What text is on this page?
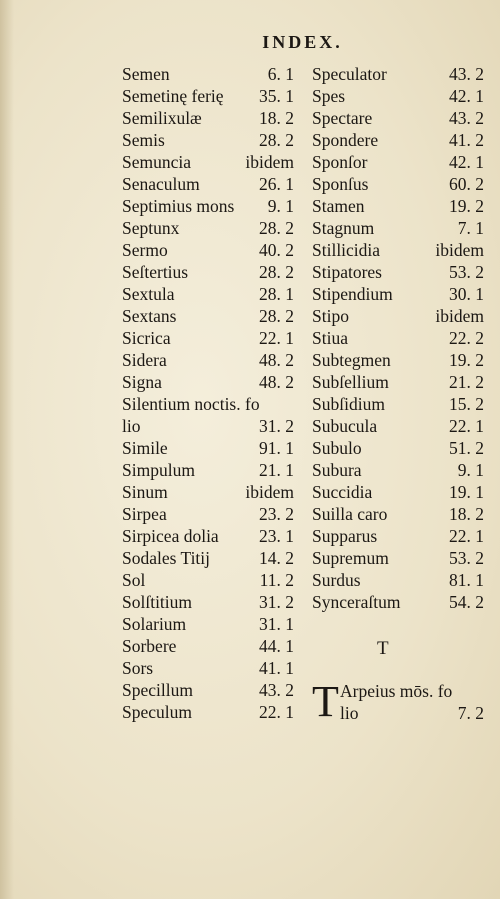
INDEX.
Semen	6. 1
Semetinę ferię 35. 1
Semilixulæ	18. 2
Semis	28. 2
Semuncia	ibidem
Senaculum	26. 1
Septimius mons 9. 1
Septunx	28. 2
Sermo	40. 2
Seſtertius	28. 2
Sextula	28. 1
Sextans	28. 2
Sicrica	22. 1
Sidera	48. 2
Signa	48. 2
Silentium noctis. fo
lio	31. 2
Simile	91. 1
Simpulum	21. 1
Sinum	ibidem
Sirpea	23. 2
Sirpicea dolia 23. 1
Sodales Titij	14. 2
Sol	11. 2
Solſtitium	31. 2
Solarium	31. 1
Sorbere	44. 1
Sors	41. 1
Specillum	43. 2
Speculum	22. 1
Speculator	43. 2
Spes	42. 1
Spectare	43. 2
Spondere	41. 2
Sponſor	42. 1
Sponſus	60. 2
Stamen	19. 2
Stagnum	7. 1
Stillicidia	ibidem
Stipatores	53. 2
Stipendium	30. 1
Stipo	ibidem
Stiua	22. 2
Subtegmen	19. 2
Subſellium	21. 2
Subſidium	15. 2
Subucula	22. 1
Subulo	51. 2
Subura	9. 1
Succidia	19. 1
Suilla caro	18. 2
Supparus	22. 1
Supremum	53. 2
Surdus	81. 1
Synceraſtum	54. 2
T
T Arpeius mōs. fo
lio	7. 2
